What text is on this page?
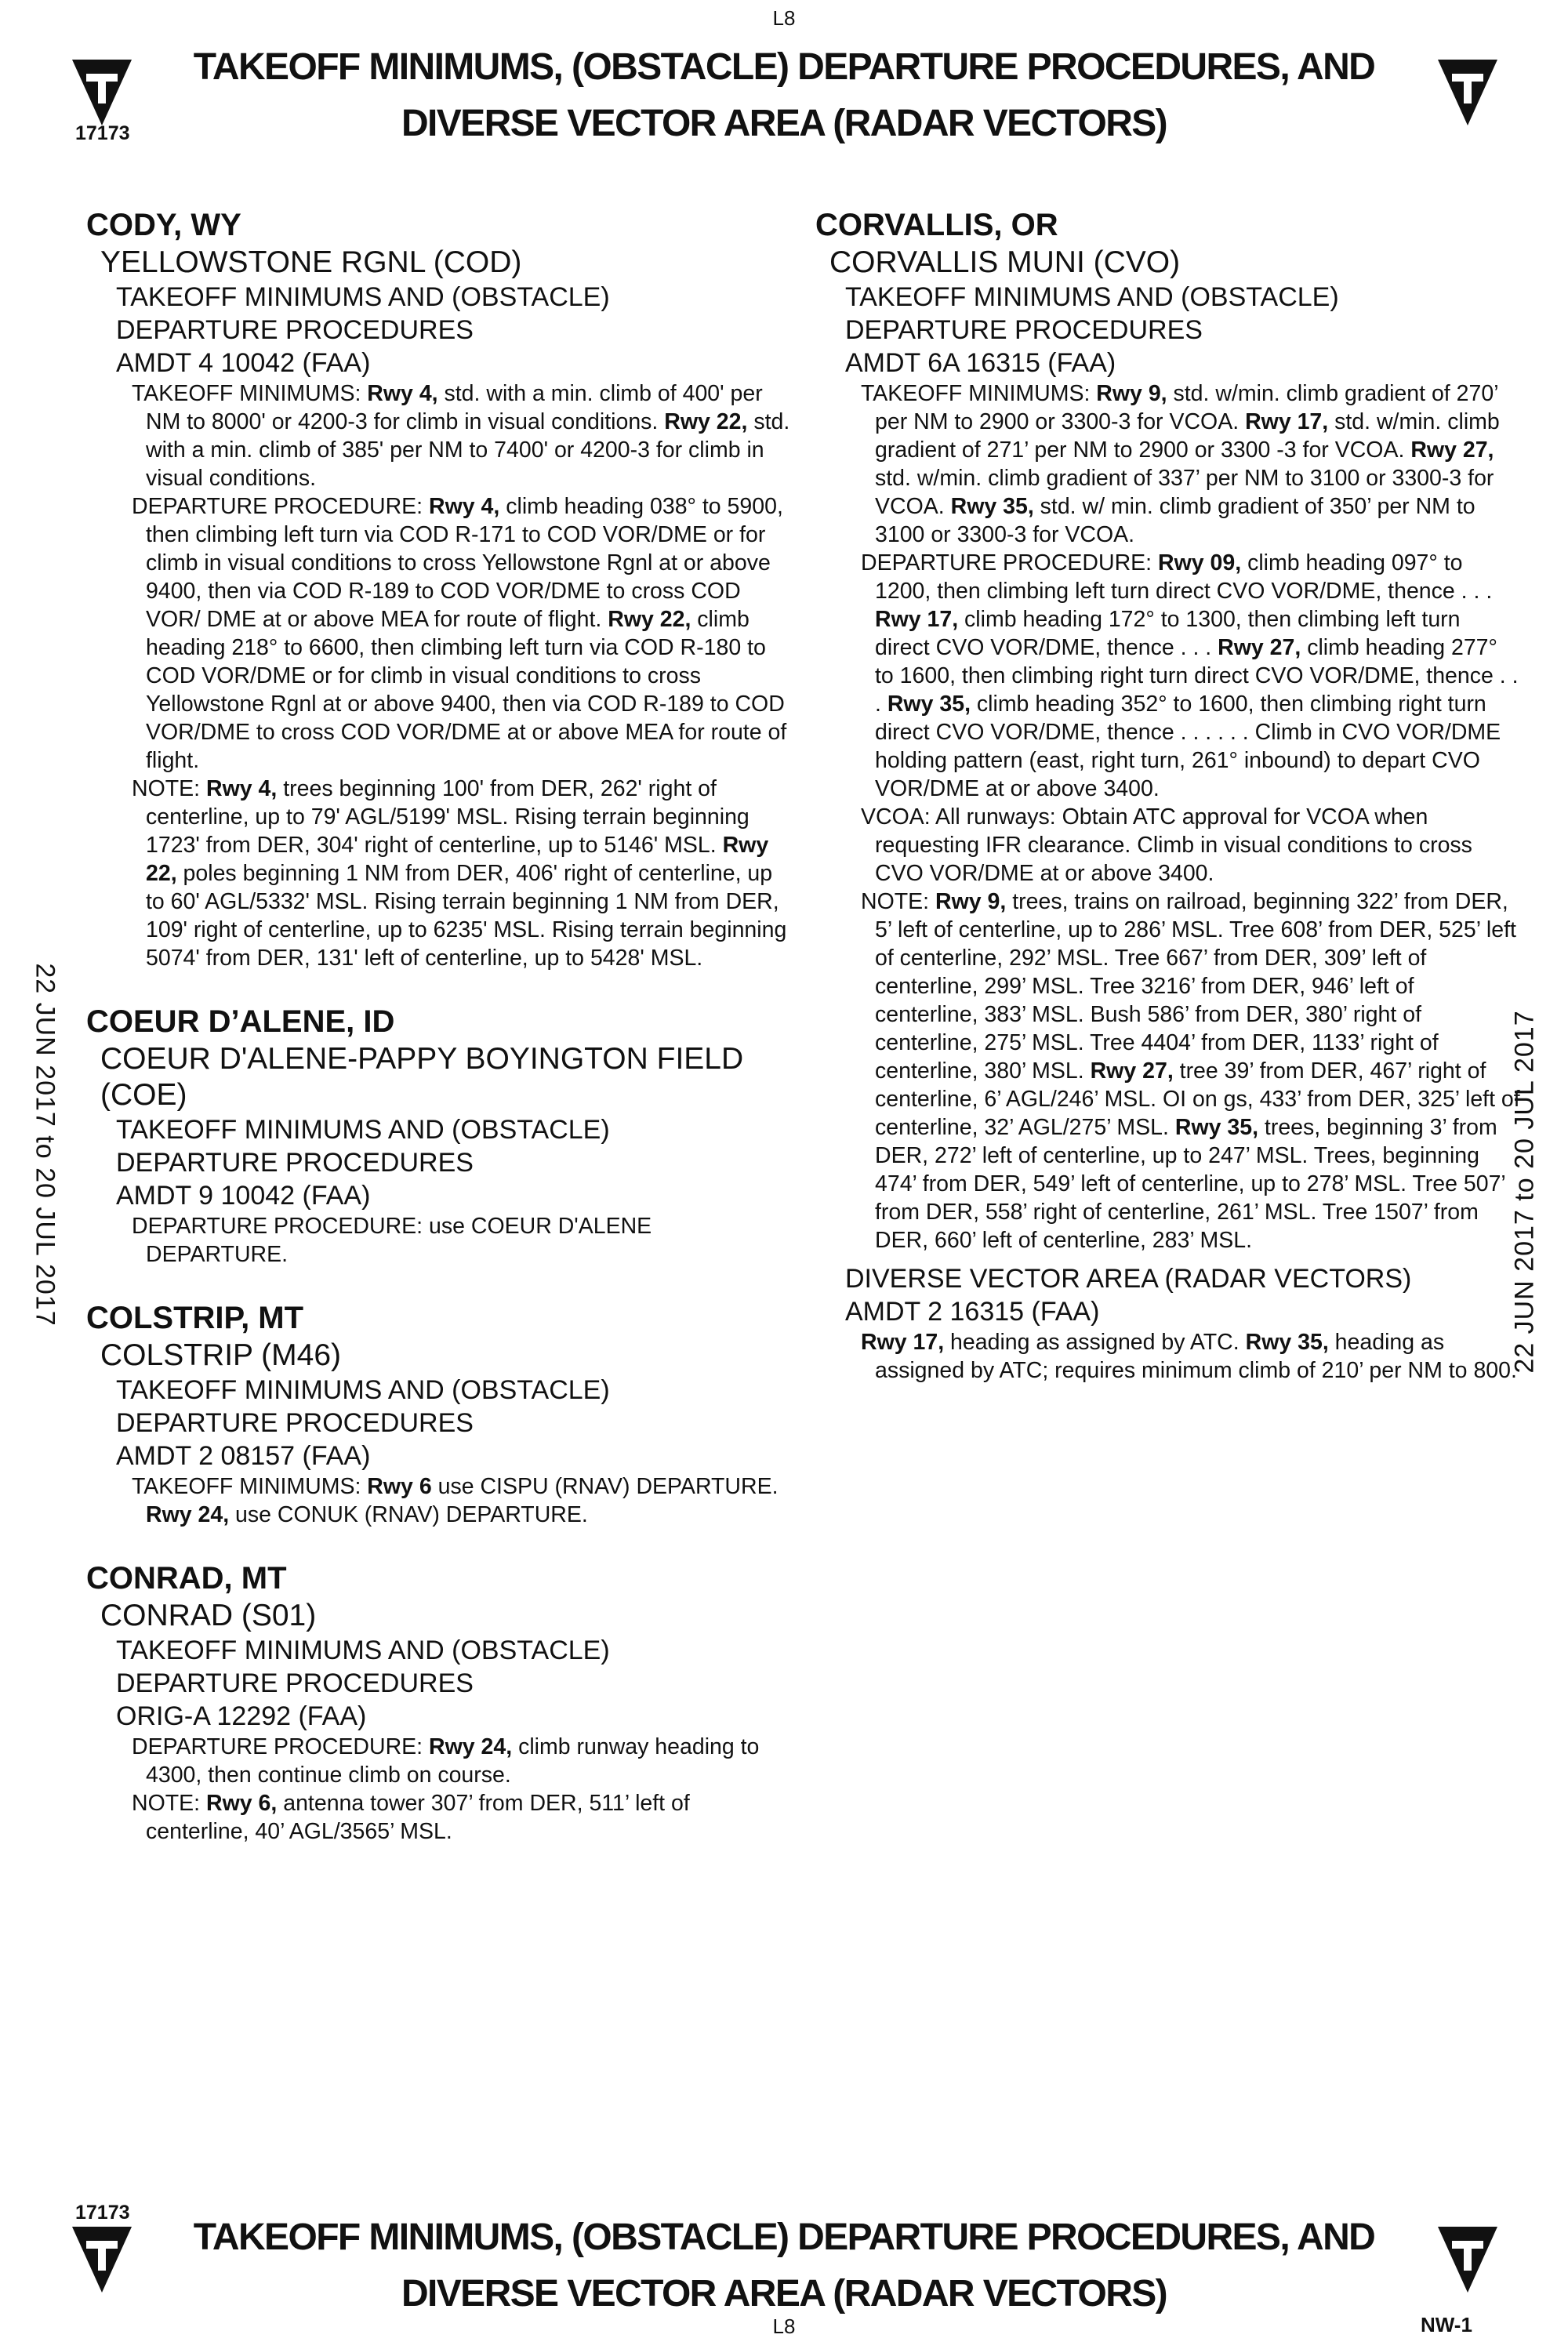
L8
17173
TAKEOFF MINIMUMS, (OBSTACLE) DEPARTURE PROCEDURES, AND
DIVERSE VECTOR AREA (RADAR VECTORS)
22 JUN 2017 to 20 JUL 2017	22 JUN 2017 to 20 JUL 2017
CODY, WY
YELLOWSTONE RGNL (COD)
TAKEOFF MINIMUMS AND (OBSTACLE)
DEPARTURE PROCEDURES
AMDT 4 10042 (FAA)

TAKEOFF MINIMUMS: Rwy 4, std. with a min. climb of 400' per NM to 8000' or 4200-3 for climb in visual conditions. Rwy 22, std. with a min. climb of 385' per NM to 7400' or 4200-3 for climb in visual conditions.

DEPARTURE PROCEDURE: Rwy 4, climb heading 038° to 5900, then climbing left turn via COD R-171 to COD VOR/DME or for climb in visual conditions to cross Yellowstone Rgnl at or above 9400, then via COD R-189 to COD VOR/DME to cross COD VOR/ DME at or above MEA for route of flight. Rwy 22, climb heading 218° to 6600, then climbing left turn via COD R-180 to COD VOR/DME or for climb in visual conditions to cross Yellowstone Rgnl at or above 9400, then via COD R-189 to COD VOR/DME to cross COD VOR/DME at or above MEA for route of flight.

NOTE: Rwy 4, trees beginning 100' from DER, 262' right of centerline, up to 79' AGL/5199' MSL. Rising terrain beginning 1723' from DER, 304' right of centerline, up to 5146' MSL. Rwy 22, poles beginning 1 NM from DER, 406' right of centerline, up to 60' AGL/5332' MSL. Rising terrain beginning 1 NM from DER, 109' right of centerline, up to 6235' MSL. Rising terrain beginning 5074' from DER, 131' left of centerline, up to 5428' MSL.

COEUR D’ALENE, ID
COEUR D'ALENE-PAPPY BOYINGTON FIELD (COE)
TAKEOFF MINIMUMS AND (OBSTACLE)
DEPARTURE PROCEDURES
AMDT 9 10042 (FAA)

DEPARTURE PROCEDURE: use COEUR D'ALENE DEPARTURE.

COLSTRIP, MT
COLSTRIP (M46)
TAKEOFF MINIMUMS AND (OBSTACLE)
DEPARTURE PROCEDURES
AMDT 2 08157 (FAA)

TAKEOFF MINIMUMS: Rwy 6 use CISPU (RNAV) DEPARTURE. Rwy 24, use CONUK (RNAV) DEPARTURE.

CONRAD, MT
CONRAD (S01)
TAKEOFF MINIMUMS AND (OBSTACLE)
DEPARTURE PROCEDURES
ORIG-A 12292 (FAA)

DEPARTURE PROCEDURE: Rwy 24, climb runway heading to 4300, then continue climb on course.

NOTE: Rwy 6, antenna tower 307’ from DER, 511’ left of centerline, 40’ AGL/3565’ MSL.

CORVALLIS, OR
CORVALLIS MUNI (CVO)
TAKEOFF MINIMUMS AND (OBSTACLE)
DEPARTURE PROCEDURES
AMDT 6A 16315 (FAA)

TAKEOFF MINIMUMS: Rwy 9, std. w/min. climb gradient of 270’ per NM to 2900 or 3300-3 for VCOA. Rwy 17, std. w/min. climb gradient of 271’ per NM to 2900 or 3300 -3 for VCOA. Rwy 27, std. w/min. climb gradient of 337’ per NM to 3100 or 3300-3 for VCOA. Rwy 35, std. w/ min. climb gradient of 350’ per NM to 3100 or 3300-3 for VCOA.

DEPARTURE PROCEDURE: Rwy 09, climb heading 097° to 1200, then climbing left turn direct CVO VOR/DME, thence . . . Rwy 17, climb heading 172° to 1300, then climbing left turn direct CVO VOR/DME, thence . . . Rwy 27, climb heading 277° to 1600, then climbing right turn direct CVO VOR/DME, thence . . . Rwy 35, climb heading 352° to 1600, then climbing right turn direct CVO VOR/DME, thence . . . . . . Climb in CVO VOR/DME holding pattern (east, right turn, 261° inbound) to depart CVO VOR/DME at or above 3400.

VCOA: All runways: Obtain ATC approval for VCOA when requesting IFR clearance. Climb in visual conditions to cross CVO VOR/DME at or above 3400.

NOTE: Rwy 9, trees, trains on railroad, beginning 322’ from DER, 5’ left of centerline, up to 286’ MSL. Tree 608’ from DER, 525’ left of centerline, 292’ MSL. Tree 667’ from DER, 309’ left of centerline, 299’ MSL. Tree 3216’ from DER, 946’ left of centerline, 383’ MSL. Bush 586’ from DER, 380’ right of centerline, 275’ MSL. Tree 4404’ from DER, 1133’ right of centerline, 380’ MSL. Rwy 27, tree 39’ from DER, 467’ right of centerline, 6’ AGL/246’ MSL. OI on gs, 433’ from DER, 325’ left of centerline, 32’ AGL/275’ MSL. Rwy 35, trees, beginning 3’ from DER, 272’ left of centerline, up to 247’ MSL. Trees, beginning 474’ from DER, 549’ left of centerline, up to 278’ MSL. Tree 507’ from DER, 558’ right of centerline, 261’ MSL. Tree 1507’ from DER, 660’ left of centerline, 283’ MSL.

DIVERSE VECTOR AREA (RADAR VECTORS)
AMDT 2 16315 (FAA)

Rwy 17, heading as assigned by ATC. Rwy 35, heading as assigned by ATC; requires minimum climb of 210’ per NM to 800.

17173
TAKEOFF MINIMUMS, (OBSTACLE) DEPARTURE PROCEDURES, AND
DIVERSE VECTOR AREA (RADAR VECTORS)
L8	NW-1
